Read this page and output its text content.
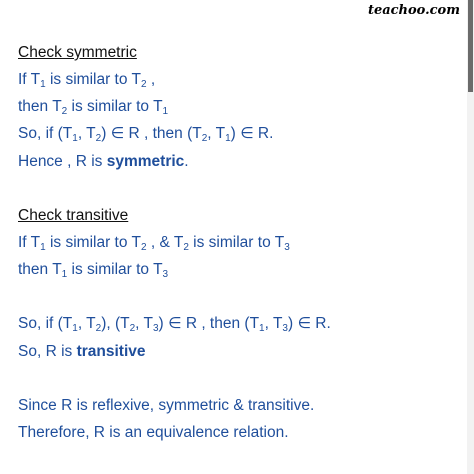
teachoo.com
Check symmetric
If $T_1$ is similar to $T_2$ ,
then $T_2$ is similar to $T_1$
So, if ($T_1$, $T_2$) ∈ R , then ($T_2$, $T_1$) ∈ R.
Hence , R is symmetric.
Check transitive
If $T_1$ is similar to $T_2$ , & $T_2$ is similar to $T_3$
then $T_1$ is similar to $T_3$
So, if ($T_1$, $T_2$), ($T_2$, $T_3$) ∈ R , then ($T_1$, $T_3$) ∈ R.
So, R is transitive
Since R is reflexive, symmetric & transitive.
Therefore, R is an equivalence relation.
